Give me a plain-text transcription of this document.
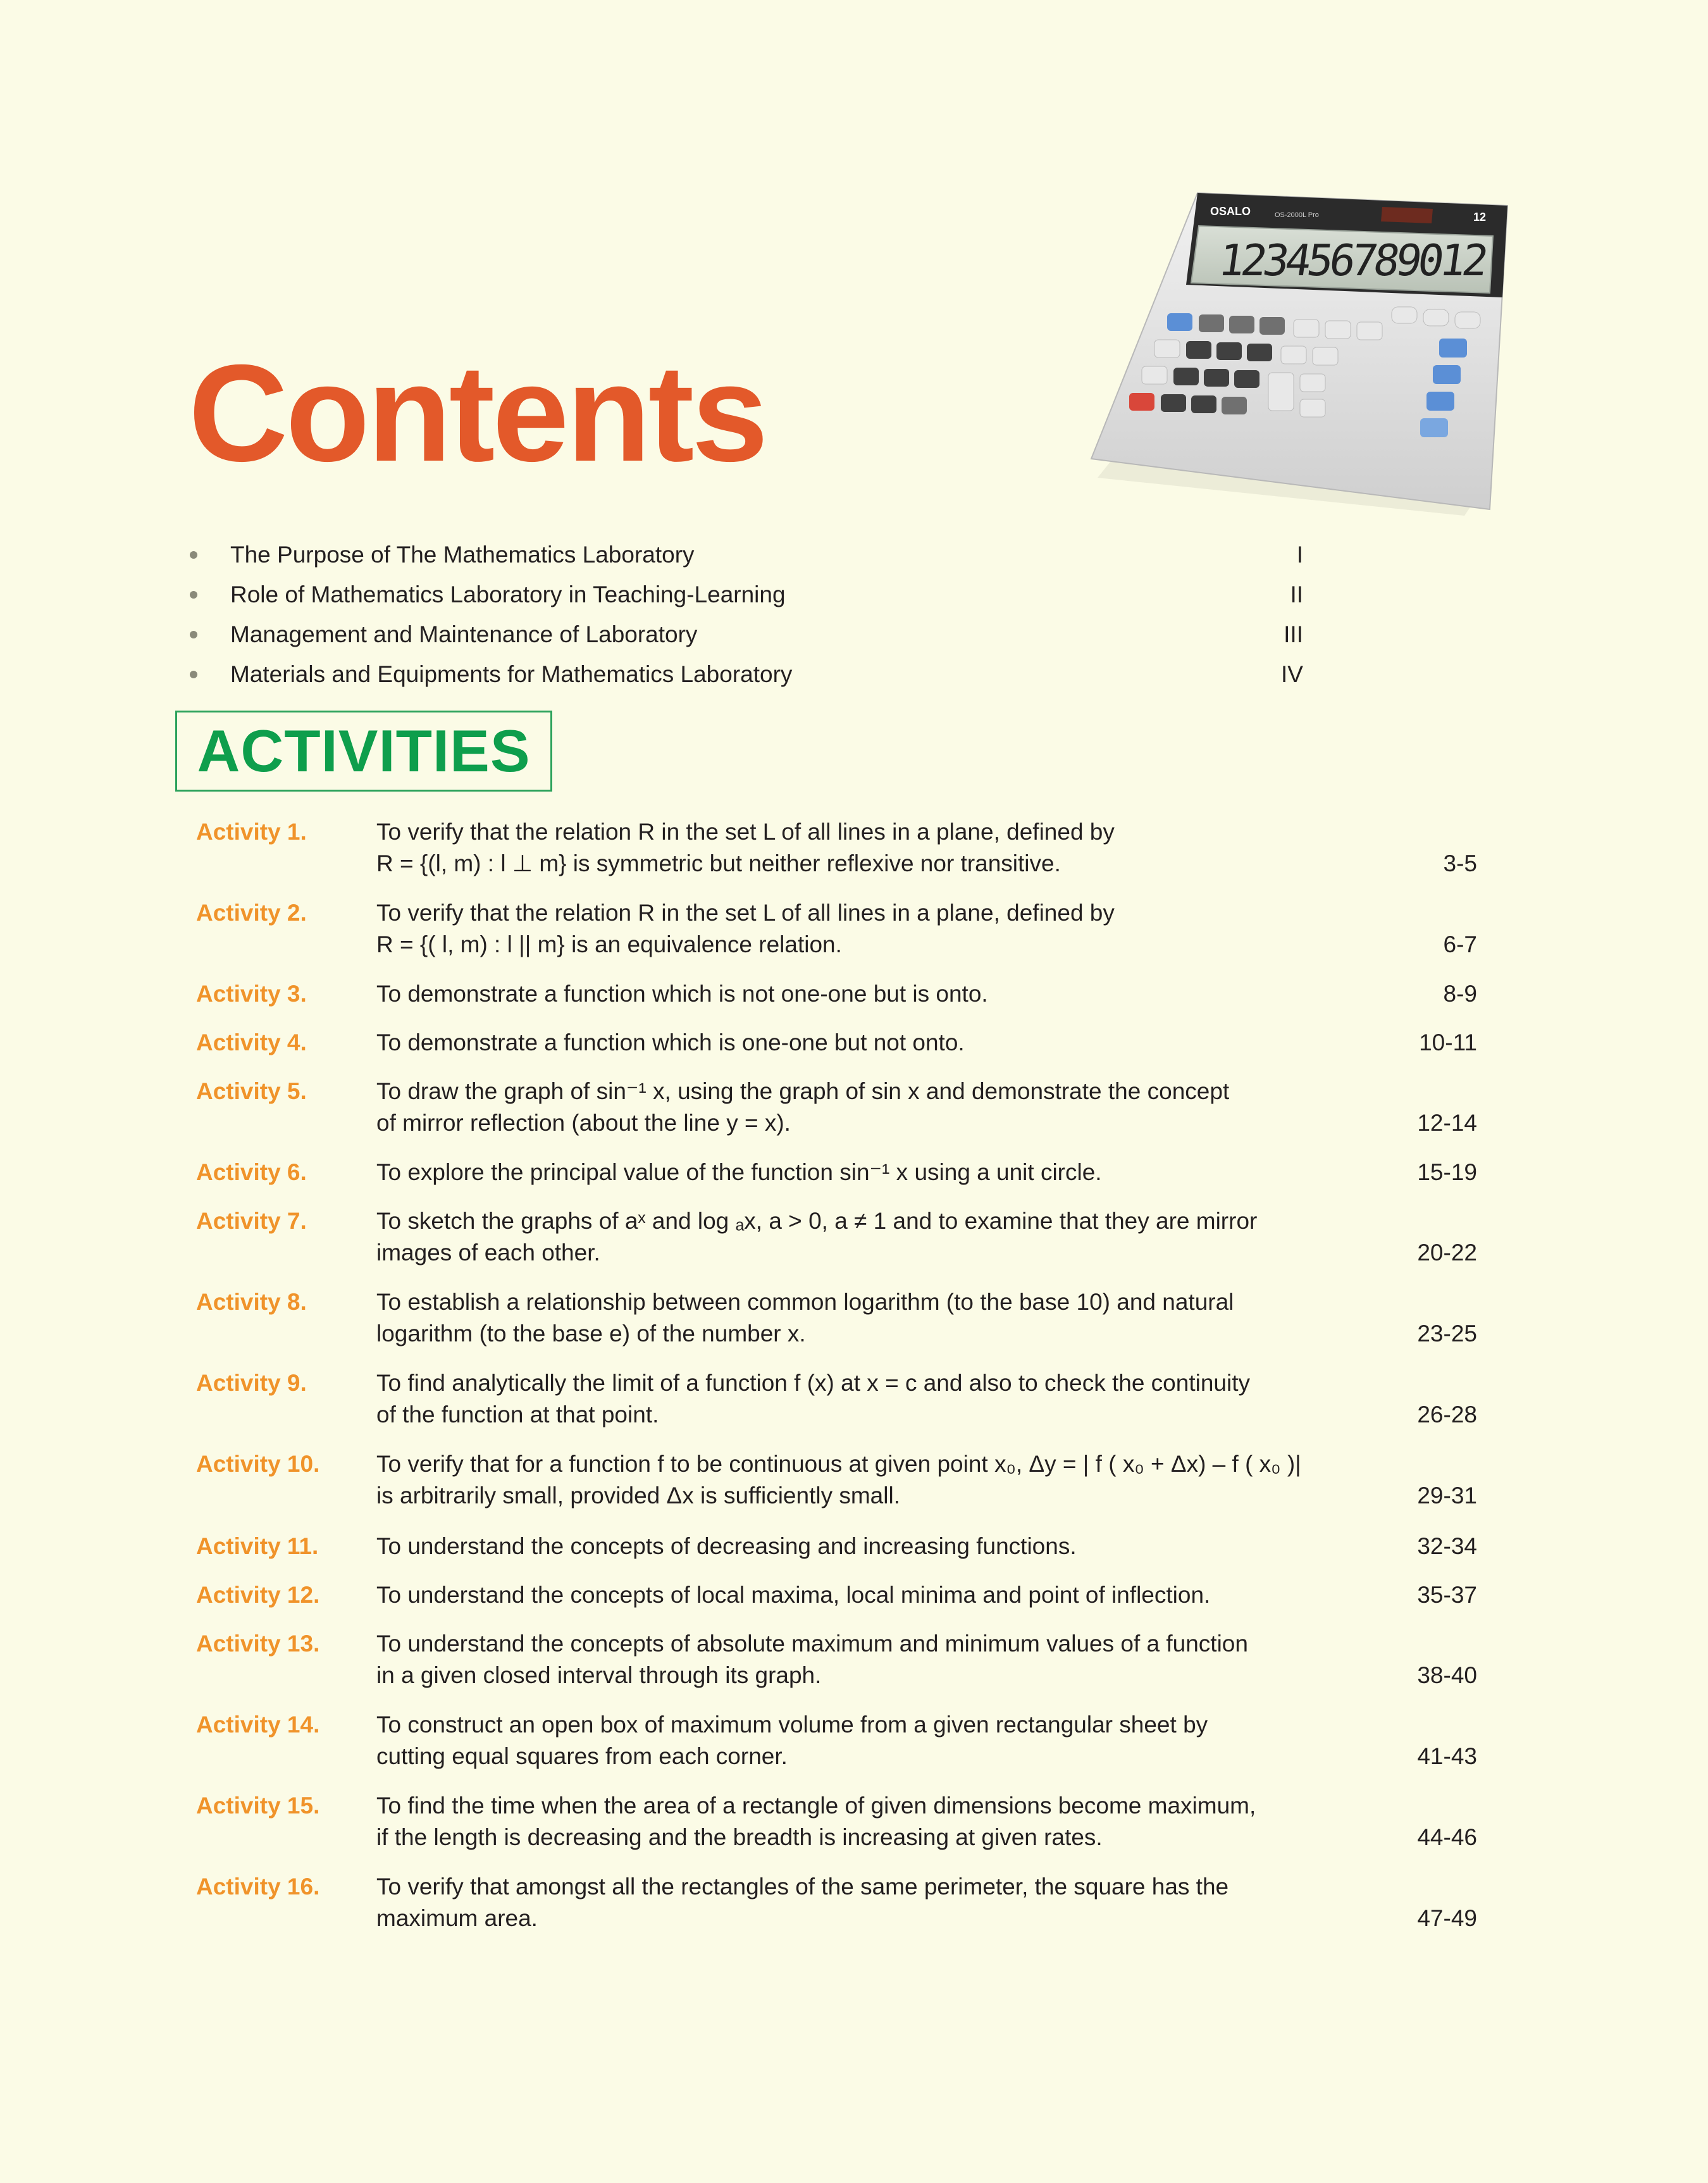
Contents
OSALO	OS-2000L Pro	12
123456789012
The Purpose of The Mathematics Laboratory	I
Role of Mathematics Laboratory in Teaching-Learning	II
Management and Maintenance of Laboratory	III
Materials and Equipments for Mathematics Laboratory	IV
ACTIVITIES
Activity 1.	To verify that the relation R in the set L of all lines in a plane, defined by
R = {(l, m) : l ⊥ m} is symmetric but neither reflexive nor transitive.	3-5
Activity 2.	To verify that the relation R in the set L of all lines in a plane, defined by
R = {( l, m) : l || m} is an equivalence relation.	6-7
Activity 3.	To demonstrate a function which is not one-one but is onto.	8-9
Activity 4.	To demonstrate a function which is one-one but not onto.	10-11
Activity 5.	To draw the graph of sin⁻¹ x, using the graph of sin x and demonstrate the concept
of mirror reflection (about the line y = x).	12-14
Activity 6.	To explore the principal value of the function sin⁻¹ x using a unit circle.	15-19
Activity 7.	To sketch the graphs of aˣ and log ₐx, a > 0, a ≠ 1 and to examine that they are mirror
images of each other.	20-22
Activity 8.	To establish a relationship between common logarithm (to the base 10) and natural
logarithm (to the base e) of the number x.	23-25
Activity 9.	To find analytically the limit of a function f (x) at x = c and also to check the continuity
of the function at that point.	26-28
Activity 10. To verify that for a function f to be continuous at given point x₀, Δy = | f ( x₀ + Δx) – f ( x₀ )|
is arbitrarily small, provided Δx is sufficiently small.	29-31
Activity 11. To understand the concepts of decreasing and increasing functions.	32-34
Activity 12. To understand the concepts of local maxima, local minima and point of inflection.	35-37
Activity 13. To understand the concepts of absolute maximum and minimum values of a function
in a given closed interval through its graph.	38-40
Activity 14. To construct an open box of maximum volume from a given rectangular sheet by
cutting equal squares from each corner.	41-43
Activity 15. To find the time when the area of a rectangle of given dimensions become maximum,
if the length is decreasing and the breadth is increasing at given rates.	44-46
Activity 16. To verify that amongst all the rectangles of the same perimeter, the square has the
maximum area.	47-49
